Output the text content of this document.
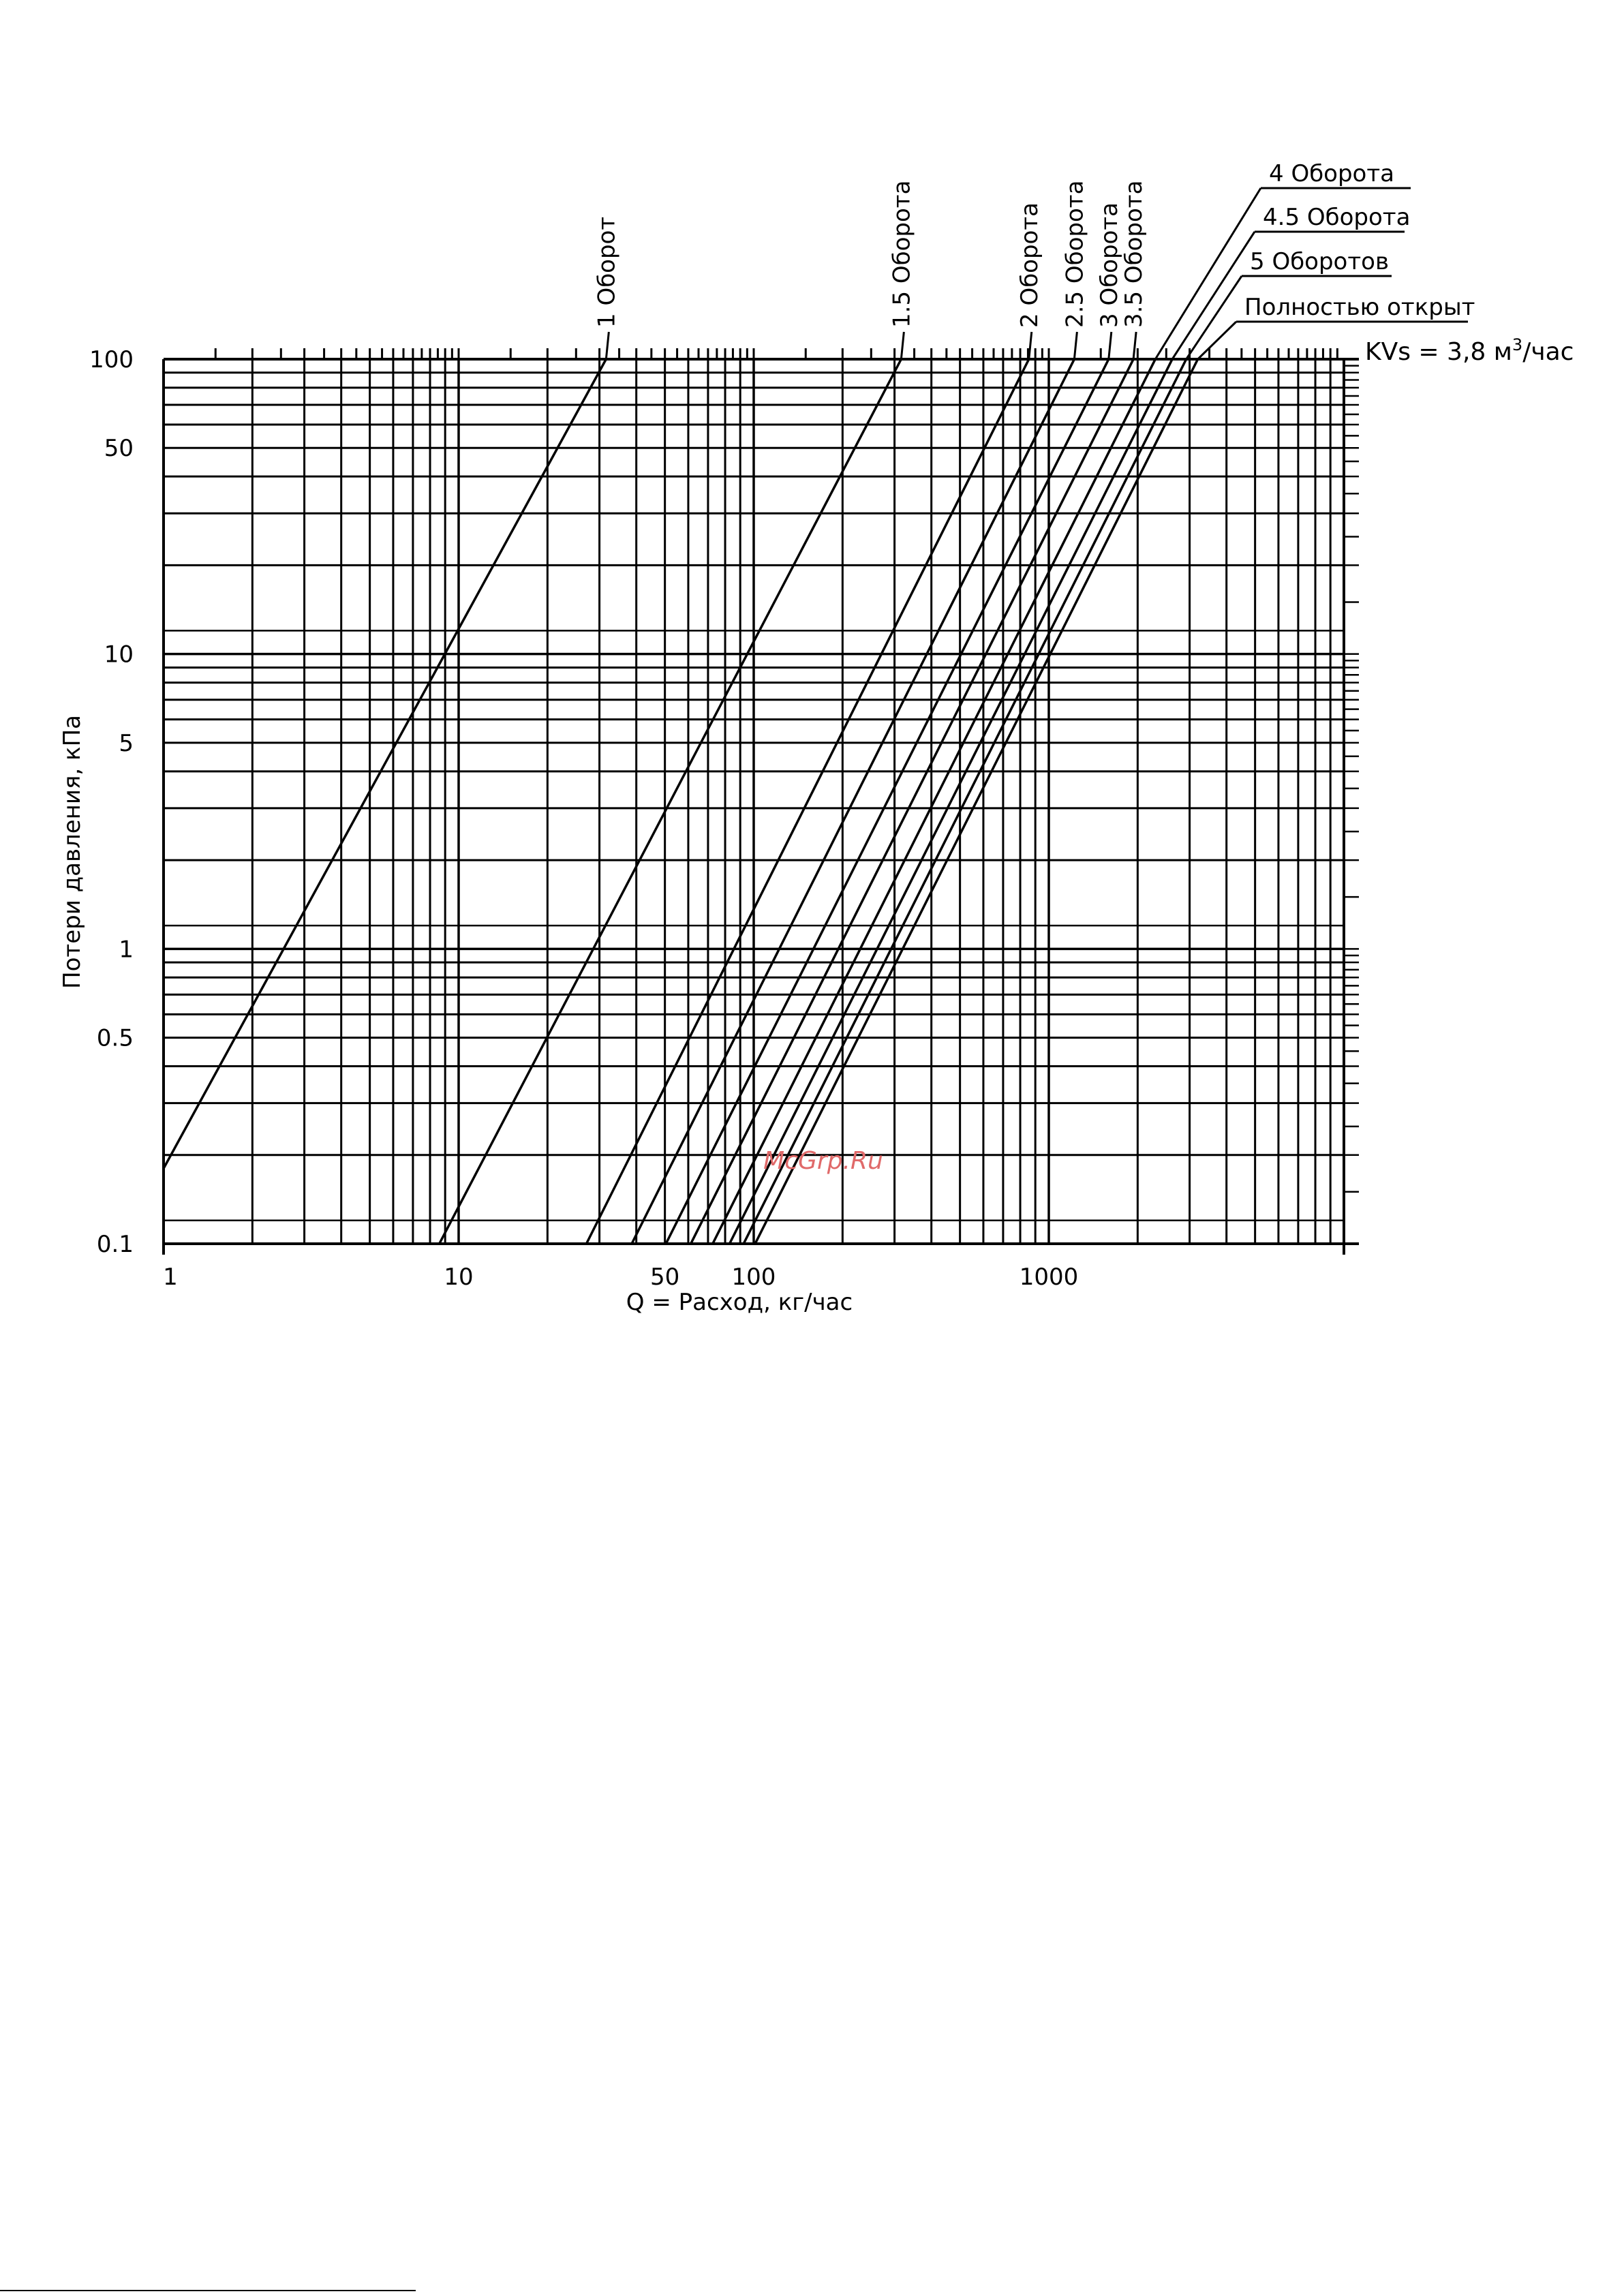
1 Оборот	1.5 Оборота	2 Оборота 2.5 Оборота 3 Оборота
3.5 Оборота
4 Оборота
4.5 Оборота
5 Оборотов
Полностью открыт
1	10	50 100	1000
100
50
10
5
1
0.5
0.1
Q = Расход, кг/час
Потери давления, кПа
KVs = 3,8 $м^3$/час
McGrp.Ru
